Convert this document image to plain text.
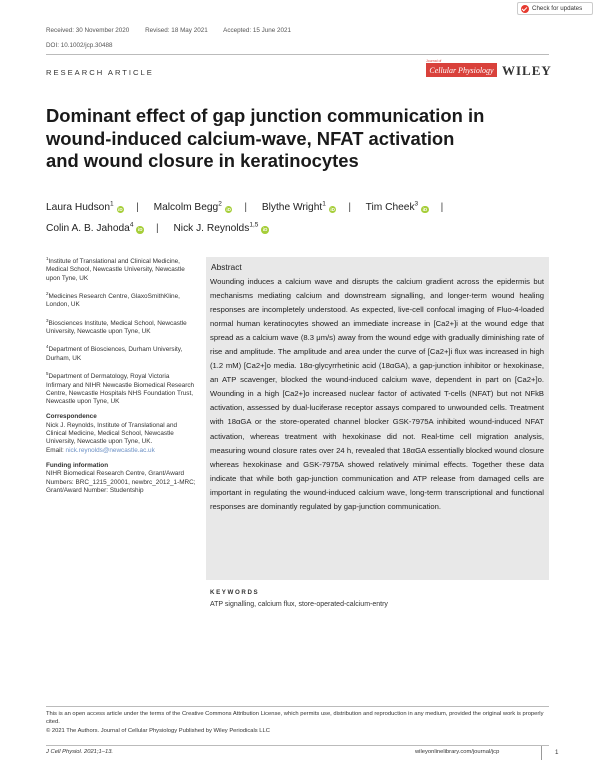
Received: 30 November 2020	Revised: 18 May 2021 Accepted: 15 June 2021
DOI: 10.1002/jcp.30488
Check for updates
RESEARCH ARTICLE
Journal of
Cellular Physiology WILEY
Dominant effect of gap junction communication in wound-induced calcium-wave, NFAT activation and wound closure in keratinocytes
Laura Hudson$^1$iD | Malcolm Begg$^2$iD | Blythe Wright$^1$iD | Tim Cheek$^3$iD |
Colin A. B. Jahoda$^4$iD | Nick J. Reynolds$^{1,5}$iD

$^1$Institute of Translational and Clinical Medicine, Medical School, Newcastle University, Newcastle upon Tyne, UK

$^2$Medicines Research Centre, GlaxoSmithKline, London, UK

$^3$Biosciences Institute, Medical School, Newcastle University, Newcastle upon Tyne, UK

$^4$Department of Biosciences, Durham University, Durham, UK

$^5$Department of Dermatology, Royal Victoria Infirmary and NIHR Newcastle Biomedical Research Centre, Newcastle Hospitals NHS Foundation Trust, Newcastle upon Tyne, UK

Correspondence

Nick J. Reynolds, Institute of Translational and Clinical Medicine, Medical School, Newcastle University, Newcastle upon Tyne, UK.
Email: nick.reynolds@newcastle.ac.uk

Funding information

NIHR Biomedical Research Centre, Grant/Award Numbers: BRC_1215_20001, newbrc_2012_1-MRC; Grant/Award Number: Studentship

Abstract
Wounding induces a calcium wave and disrupts the calcium gradient across the epidermis but mechanisms mediating calcium and downstream signalling, and longer-term wound healing responses are incompletely understood. As expected, live-cell confocal imaging of Fluo-4-loaded normal human keratinocytes showed an immediate increase in [Ca2+]i at the wound edge that spread as a calcium wave (8.3 μm/s) away from the wound edge with gradually diminishing rate of rise and amplitude. The amplitude and area under the curve of [Ca2+]i flux was increased in high (1.2 mM) [Ca2+]o media. 18α-glycyrrhetinic acid (18αGA), a gap-junction inhibitor or hexokinase, an ATP scavenger, blocked the wound-induced calcium wave, dependent in part on [Ca2+]o. Wounding in a high [Ca2+]o increased nuclear factor of activated T-cells (NFAT) but not NFkB activation, assessed by dual-luciferase receptor assays compared to unwounded cells. Treatment with 18αGA or the store-operated channel blocker GSK-7975A inhibited wound-induced NFAT activation, whereas treatment with hexokinase did not. Real-time cell migration analysis, measuring wound closure rates over 24 h, revealed that 18αGA essentially blocked wound closure whereas hexokinase and GSK-7975A showed relatively minimal effects. Together these data indicate that while both gap-junction communication and ATP release from damaged cells are important in regulating the wound-induced calcium wave, long-term transcriptional and functional responses are dominantly regulated by gap-junction communication.
KEYWORDS
ATP signalling, calcium flux, store-operated-calcium-entry
This is an open access article under the terms of the Creative Commons Attribution License, which permits use, distribution and reproduction in any medium, provided the original work is properly cited.
© 2021 The Authors. Journal of Cellular Physiology Published by Wiley Periodicals LLC
J Cell Physiol. 2021;1–13.	wileyonlinelibrary.com/journal/jcp	1
